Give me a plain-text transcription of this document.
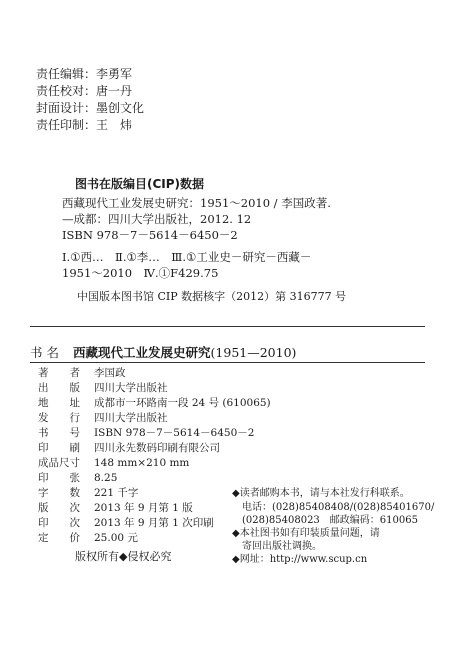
责任编辑：李勇军
责任校对：唐一丹
封面设计：墨创文化
责任印制：王　炜
图书在版编目(CIP)数据
西藏现代工业发展史研究：1951～2010 / 李国政著.
—成都：四川大学出版社，2012. 12
ISBN 978－7－5614－6450－2
Ⅰ.①西…　Ⅱ.①李…　Ⅲ.①工业史－研究－西藏－
1951～2010　Ⅳ.①F429.75
中国版本图书馆 CIP 数据核字（2012）第 316777 号
书名 西藏现代工业发展史研究(1951—2010)
著　　者 李国政
出　　版 四川大学出版社
地　　址 成都市一环路南一段 24 号 (610065)
发　　行 四川大学出版社
书　　号 ISBN 978－7－5614－6450－2
印　　刷 四川永先数码印刷有限公司
成品尺寸 148 mm×210 mm
印　　张 8.25
字　　数 221 千字
版　　次 2013 年 9 月第 1 版
印　　次 2013 年 9 月第 1 次印刷
定　　价 25.00 元
◆读者邮购本书，请与本社发行科联系。
　电话：(028)85408408/(028)85401670/
　(028)85408023　邮政编码：610065
◆本社图书如有印装质量问题，请
　寄回出版社调换。
◆网址：http://www.scup.cn
版权所有◆侵权必究
